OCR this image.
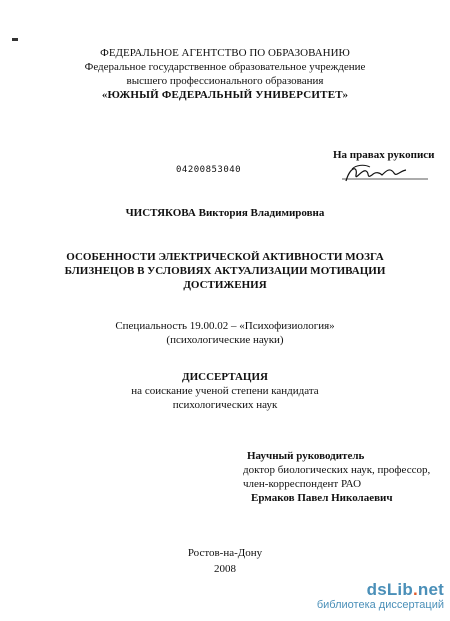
ФЕДЕРАЛЬНОЕ АГЕНТСТВО ПО ОБРАЗОВАНИЮ
Федеральное государственное образовательное учреждение
высшего профессионального образования
«ЮЖНЫЙ ФЕДЕРАЛЬНЫЙ УНИВЕРСИТЕТ»
На правах рукописи
04200853040
ЧИСТЯКОВА Виктория Владимировна
ОСОБЕННОСТИ ЭЛЕКТРИЧЕСКОЙ АКТИВНОСТИ МОЗГА
БЛИЗНЕЦОВ В УСЛОВИЯХ АКТУАЛИЗАЦИИ МОТИВАЦИИ
ДОСТИЖЕНИЯ
Специальность 19.00.02 – «Психофизиология»
(психологические науки)
ДИССЕРТАЦИЯ
на соискание ученой степени кандидата
психологических наук
Научный руководитель
доктор биологических наук, профессор,
член-корреспондент РАО
Ермаков Павел Николаевич
Ростов-на-Дону
2008
dsLib.net
библиотека диссертаций
